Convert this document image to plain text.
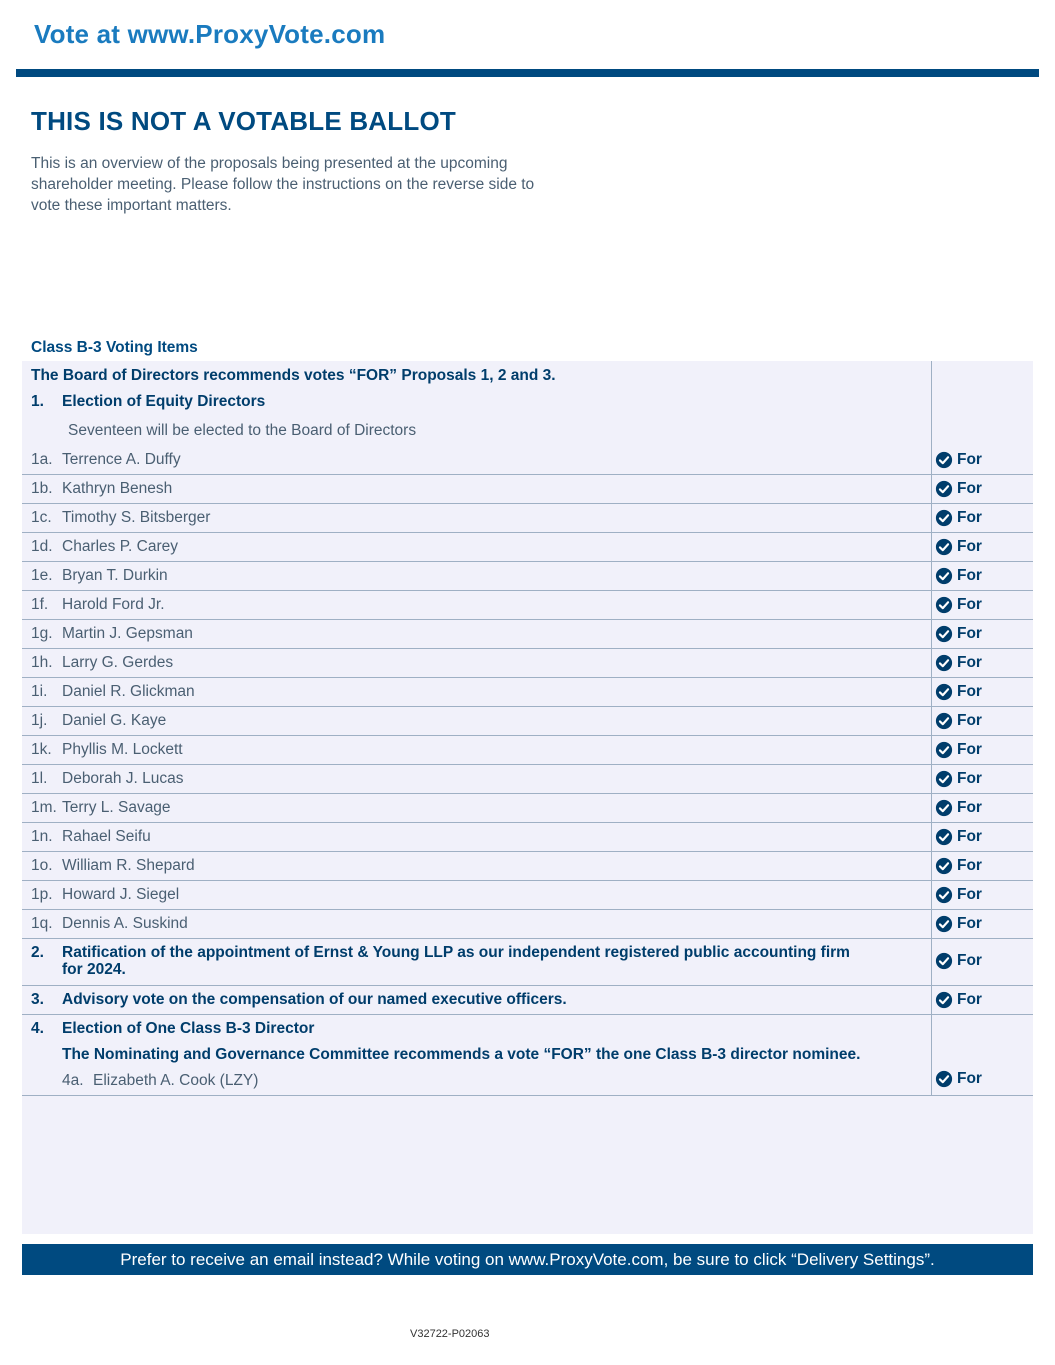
Vote at www.ProxyVote.com
THIS IS NOT A VOTABLE BALLOT
This is an overview of the proposals being presented at the upcoming shareholder meeting. Please follow the instructions on the reverse side to vote these important matters.
Class B-3 Voting Items
The Board of Directors recommends votes “FOR” Proposals 1, 2 and 3.
1. Election of Equity Directors
Seventeen will be elected to the Board of Directors
1a. Terrence A. Duffy	For
1b. Kathryn Benesh	For
1c. Timothy S. Bitsberger	For
1d. Charles P. Carey	For
1e. Bryan T. Durkin	For
1f. Harold Ford Jr.	For
1g. Martin J. Gepsman	For
1h. Larry G. Gerdes	For
1i. Daniel R. Glickman	For
1j. Daniel G. Kaye	For
1k. Phyllis M. Lockett	For
1l. Deborah J. Lucas	For
1m. Terry L. Savage	For
1n. Rahael Seifu	For
1o. William R. Shepard	For
1p. Howard J. Siegel	For
1q. Dennis A. Suskind	For
2. Ratification of the appointment of Ernst & Young LLP as our independent registered public accounting firm
for 2024.
For
3. Advisory vote on the compensation of our named executive officers.	For
4. Election of One Class B-3 Director
The Nominating and Governance Committee recommends a vote “FOR” the one Class B-3 director nominee.
4a. Elizabeth A. Cook (LZY)	For
Prefer to receive an email instead? While voting on www.ProxyVote.com, be sure to click “Delivery Settings”.
V32722-P02063
